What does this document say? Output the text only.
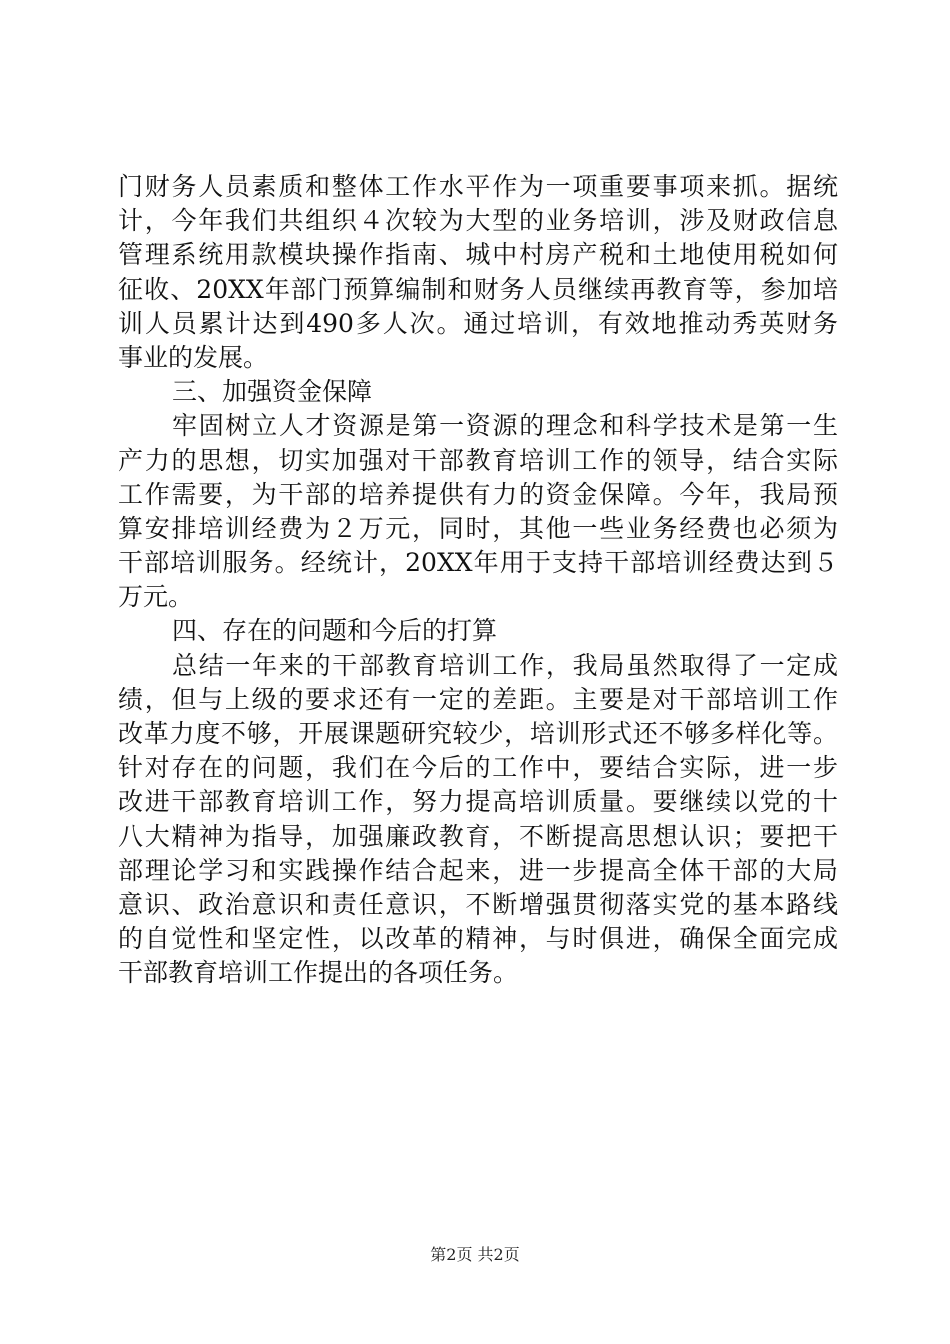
门财务人员素质和整体工作水平作为一项重要事项来抓。据统
计，今年我们共组织４次较为大型的业务培训，涉及财政信息
管理系统用款模块操作指南、城中村房产税和土地使用税如何
征收、20XX年部门预算编制和财务人员继续再教育等，参加培
训人员累计达到490多人次。通过培训，有效地推动秀英财务
事业的发展。
三、加强资金保障
牢固树立人才资源是第一资源的理念和科学技术是第一生
产力的思想，切实加强对干部教育培训工作的领导，结合实际
工作需要，为干部的培养提供有力的资金保障。今年，我局预
算安排培训经费为２万元，同时，其他一些业务经费也必须为
干部培训服务。经统计，20XX年用于支持干部培训经费达到５
万元。
四、存在的问题和今后的打算
总结一年来的干部教育培训工作，我局虽然取得了一定成
绩，但与上级的要求还有一定的差距。主要是对干部培训工作
改革力度不够，开展课题研究较少，培训形式还不够多样化等。
针对存在的问题，我们在今后的工作中，要结合实际，进一步
改进干部教育培训工作，努力提高培训质量。要继续以党的十
八大精神为指导，加强廉政教育，不断提高思想认识；要把干
部理论学习和实践操作结合起来，进一步提高全体干部的大局
意识、政治意识和责任意识，不断增强贯彻落实党的基本路线
的自觉性和坚定性，以改革的精神，与时俱进，确保全面完成
干部教育培训工作提出的各项任务。
第2页 共2页
